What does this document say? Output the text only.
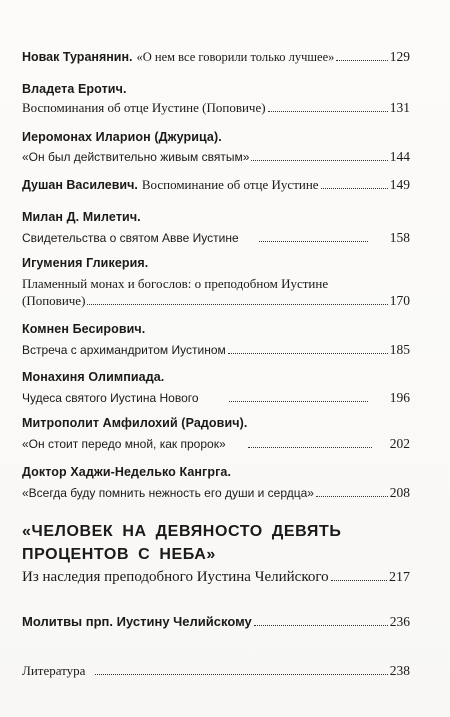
Новак Туранянин. «О нем все говорили только лучшее»	129
Владета Еротич.
Воспоминания об отце Иустине (Поповиче)	131
Иеромонах Иларион (Джурица).
«Он был действительно живым святым»	144
Душан Василевич. Воспоминание об отце Иустине	149
Милан Д. Милетич.
Свидетельства о святом Авве Иустине	158
Игумения Гликерия.
Пламенный монах и богослов: о преподобном Иустине
(Поповиче)	170
Комнен Бесирович.
Встреча с архимандритом Иустином	185
Монахиня Олимпиада.
Чудеса святого Иустина Нового	196
Митрополит Амфилохий (Радович).
«Он стоит передо мной, как пророк»	202
Доктор Хаджи-Неделько Кангрга.
«Всегда буду помнить нежность его души и сердца»	208
«ЧЕЛОВЕК НА ДЕВЯНОСТО ДЕВЯТЬ
ПРОЦЕНТОВ С НЕБА»
Из наследия преподобного Иустина Челийского	217
Молитвы прп. Иустину Челийскому	236
Литература	238
